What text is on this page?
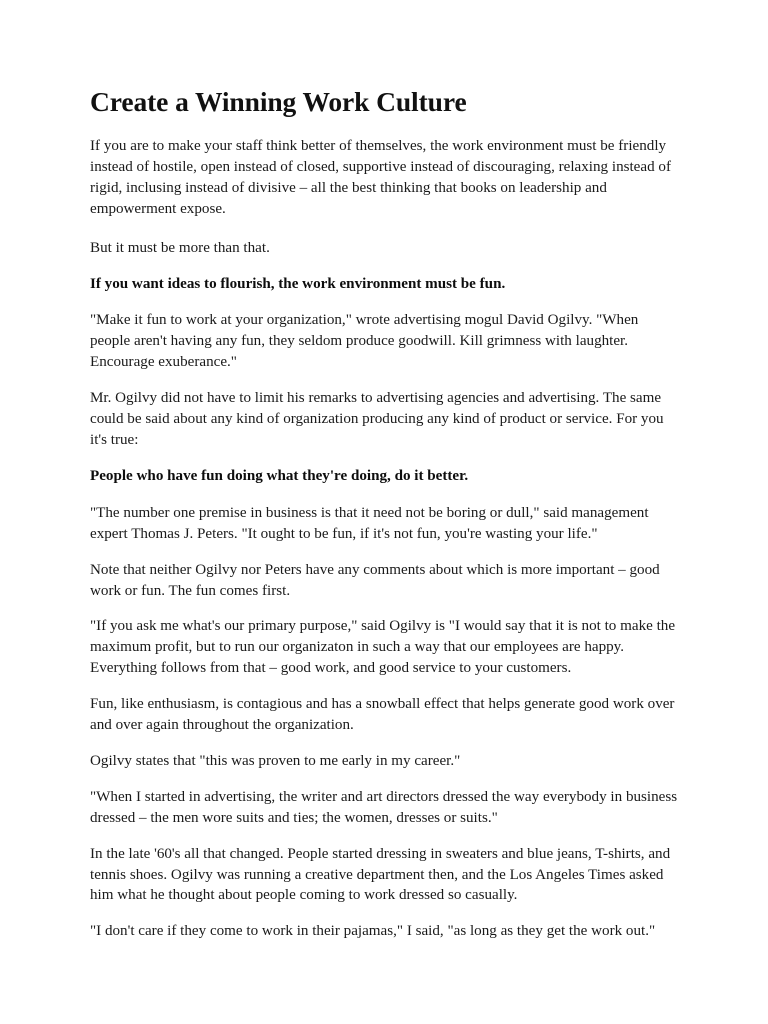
Create a Winning Work Culture

If you are to make your staff think better of themselves, the work environment must be friendly instead of hostile, open instead of closed, supportive instead of discouraging, relaxing instead of rigid, inclusing instead of divisive – all the best thinking that books on leadership and empowerment expose.

But it must be more than that.

If you want ideas to flourish, the work environment must be fun.

"Make it fun to work at your organization," wrote advertising mogul David Ogilvy. "When people aren't having any fun, they seldom produce goodwill. Kill grimness with laughter. Encourage exuberance."

Mr. Ogilvy did not have to limit his remarks to advertising agencies and advertising. The same could be said about any kind of organization producing any kind of product or service. For you it's true:

People who have fun doing what they're doing, do it better.

"The number one premise in business is that it need not be boring or dull," said management expert Thomas J. Peters. "It ought to be fun, if it's not fun, you're wasting your life."

Note that neither Ogilvy nor Peters have any comments about which is more important – good work or fun. The fun comes first.

"If you ask me what's our primary purpose," said Ogilvy is "I would say that it is not to make the maximum profit, but to run our organizaton in such a way that our employees are happy. Everything follows from that – good work, and good service to your customers.

Fun, like enthusiasm, is contagious and has a snowball effect that helps generate good work over and over again throughout the organization.

Ogilvy states that "this was proven to me early in my career."

"When I started in advertising, the writer and art directors dressed the way everybody in business dressed – the men wore suits and ties; the women, dresses or suits."

In the late '60's all that changed. People started dressing in sweaters and blue jeans, T-shirts, and tennis shoes. Ogilvy was running a creative department then, and the Los Angeles Times asked him what he thought about people coming to work dressed so casually.

"I don't care if they come to work in their pajamas," I said, "as long as they get the work out."
